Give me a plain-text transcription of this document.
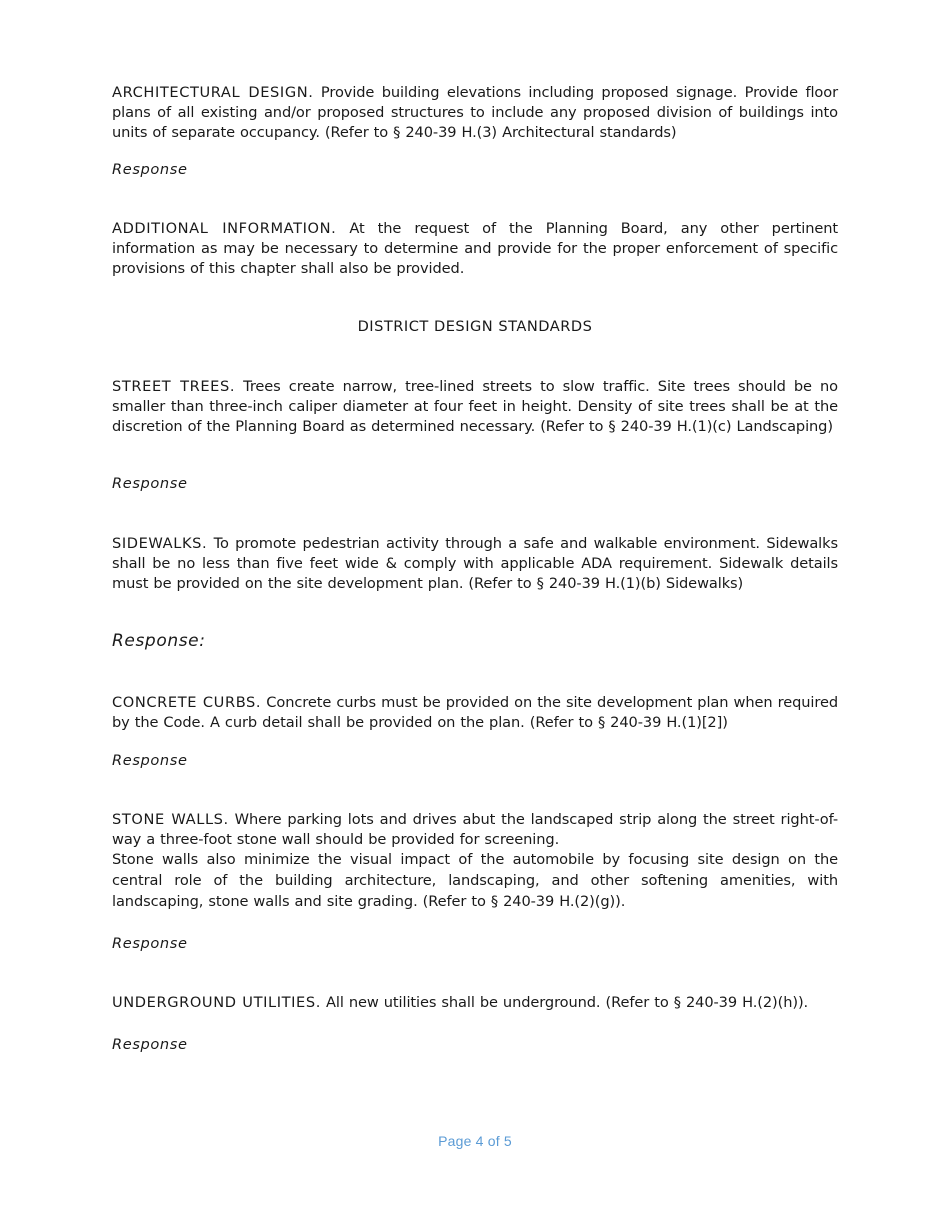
ARCHITECTURAL DESIGN. Provide building elevations including proposed signage. Provide floor plans of all existing and/or proposed structures to include any proposed division of buildings into units of separate occupancy. (Refer to § 240-39 H.(3) Architectural standards)
Response
ADDITIONAL INFORMATION. At the request of the Planning Board, any other pertinent information as may be necessary to determine and provide for the proper enforcement of specific provisions of this chapter shall also be provided.
DISTRICT DESIGN STANDARDS
STREET TREES. Trees create narrow, tree-lined streets to slow traffic. Site trees should be no smaller than three-inch caliper diameter at four feet in height. Density of site trees shall be at the discretion of the Planning Board as determined necessary. (Refer to § 240-39 H.(1)(c) Landscaping)
Response
SIDEWALKS. To promote pedestrian activity through a safe and walkable environment. Sidewalks shall be no less than five feet wide & comply with applicable ADA requirement. Sidewalk details must be provided on the site development plan. (Refer to § 240-39 H.(1)(b) Sidewalks)
Response:
CONCRETE CURBS. Concrete curbs must be provided on the site development plan when required by the Code. A curb detail shall be provided on the plan. (Refer to § 240-39 H.(1)[2])
Response
STONE WALLS. Where parking lots and drives abut the landscaped strip along the street right-of-way a three-foot stone wall should be provided for screening.
Stone walls also minimize the visual impact of the automobile by focusing site design on the central role of the building architecture, landscaping, and other softening amenities, with landscaping, stone walls and site grading. (Refer to § 240-39 H.(2)(g)).
Response
UNDERGROUND UTILITIES. All new utilities shall be underground. (Refer to § 240-39 H.(2)(h)).
Response
Page 4 of 5
